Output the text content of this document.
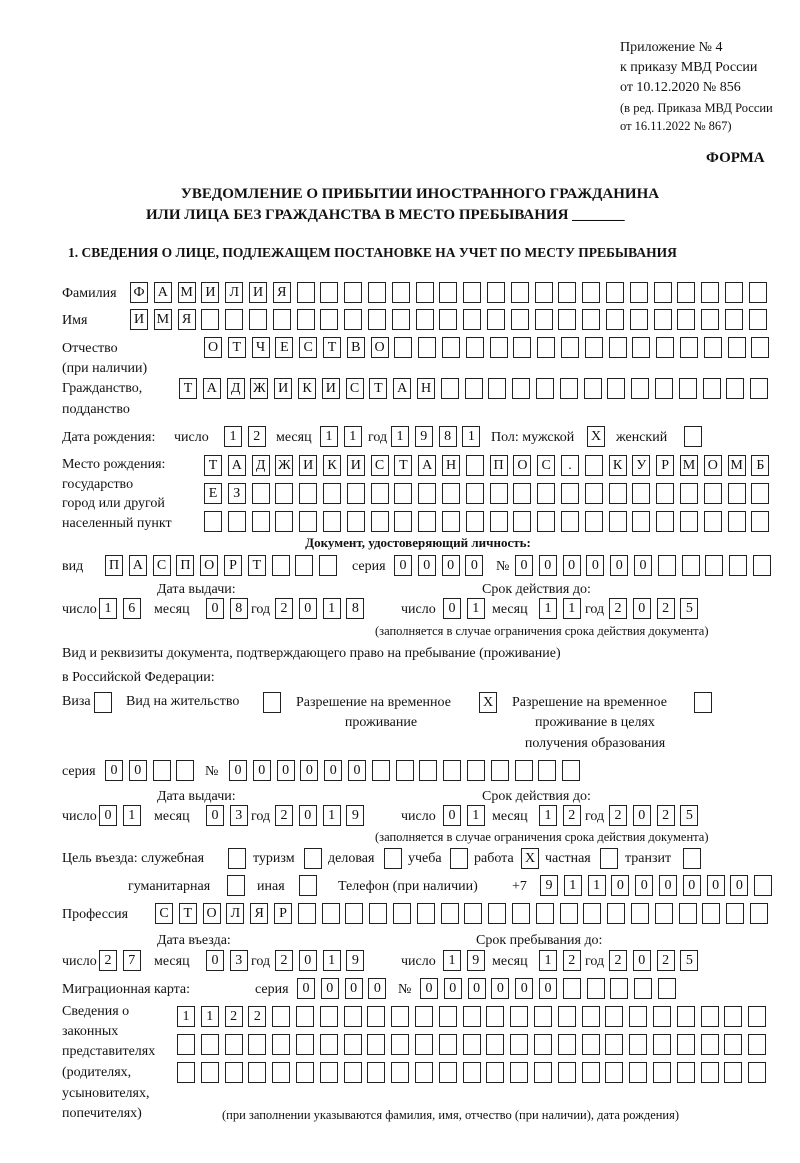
Приложение № 4
к приказу МВД России
от 10.12.2020 № 856
(в ред. Приказа МВД России
от 16.11.2022 № 867)
ФОРМА
УВЕДОМЛЕНИЕ О ПРИБЫТИИ ИНОСТРАННОГО ГРАЖДАНИНА
ИЛИ ЛИЦА БЕЗ ГРАЖДАНСТВА В МЕСТО ПРЕБЫВАНИЯ _______
1. СВЕДЕНИЯ О ЛИЦЕ, ПОДЛЕЖАЩЕМ ПОСТАНОВКЕ НА УЧЕТ ПО МЕСТУ ПРЕБЫВАНИЯ
Фамилия Ф А М И Л	И	Я
Имя	И М Я
Отчество
(при наличии)
О	Т	Ч	Е	С	Т	В	О
Гражданство,
подданство
Т	А Д Ж И	К	И	С	Т	А Н
Дата рождения: число	1	2	месяц 1	1 год 1	9	8	1	Пол: мужской X женский
Место рождения:
государство
город или другой
населенный пункт
Т	А Д Ж И	К	И	С	Т	А Н	П О	С	.	К	У	Р М О М Б
Е	З
Документ, удостоверяющий личность:
вид П А	С	П О	Р	Т	серия 0	0	0	0	№ 0	0	0	0	0	0
Дата выдачи:	Срок действия до:
число 1	6	месяц	0	8 год 2	0	1	8	число 0	1 месяц	1	1 год 2	0	2	5
(заполняется в случае ограничения срока действия документа)
Вид и реквизиты документа, подтверждающего право на пребывание (проживание)
в Российской Федерации:
Виза	Вид на жительство	Разрешение на временное
проживание
X Разрешение на временное
проживание в целях
получения образования
серия	0	0	№	0	0	0	0	0	0
Дата выдачи:	Срок действия до:
число 0	1	месяц	0	3 год 2	0	1	9	число 0	1 месяц	1	2 год 2	0	2	5
(заполняется в случае ограничения срока действия документа)
Цель въезда: служебная	туризм деловая учеба работа X частная транзит
гуманитарная	иная	Телефон (при наличии) +7	9	1	1	0	0	0	0	0	0
Профессия	С	Т	О Л	Я	Р
Дата въезда:	Срок пребывания до:
число 2	7	месяц	0	3 год 2	0	1	9	число 1	9 месяц	1	2 год 2	0	2	5
Миграционная карта:	серия 0	0	0	0	№	0	0	0	0	0	0
Сведения о
законных
представителях
(родителях,
усыновителях,
попечителях)
1	1	2	2
(при заполнении указываются фамилия, имя, отчество (при наличии), дата рождения)
